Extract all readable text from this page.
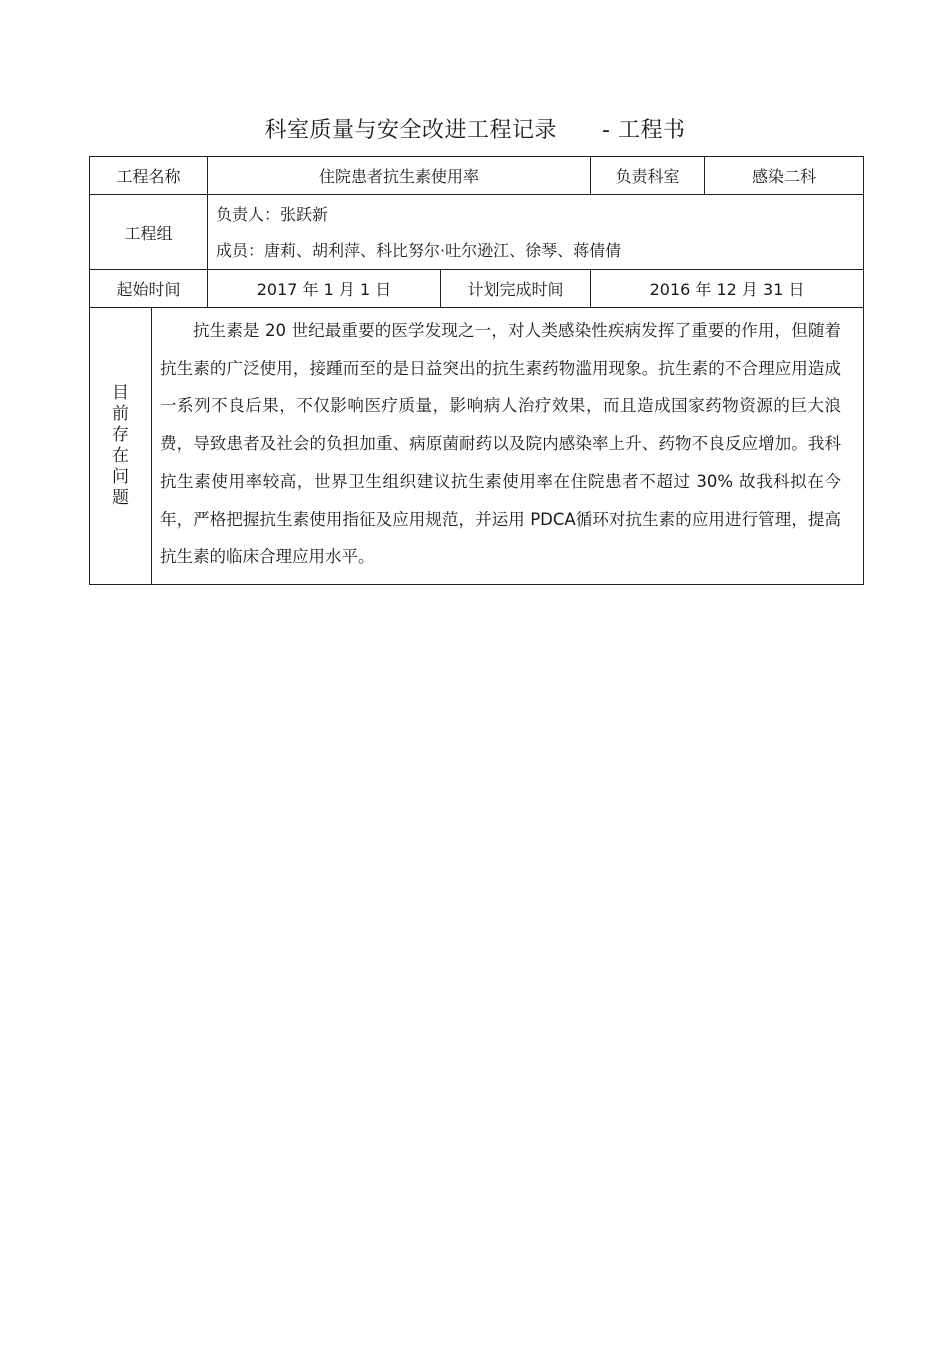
科室质量与安全改进工程记录      - 工程书
工程名称		住院患者抗生素使用率		负责科室	感染二科
工程组		负责人：张跃新
成员：唐莉、胡利萍、科比努尔·吐尔逊江、徐琴、蒋倩倩			

起始时间		2017 年 1 月 1 日	计划完成时间	2016 年 12 月 31 日	

目前存在问题	抗生素是 20 世纪最重要的医学发现之一，对人类感染性疾病发挥了重要的作用，但随着抗生素的广泛使用，接踵而至的是日益突出的抗生素药物滥用现象。抗生素的不合理应用造成一系列不良后果，不仅影响医疗质量，影响病人治疗效果，而且造成国家药物资源的巨大浪费，导致患者及社会的负担加重、病原菌耐药以及院内感染率上升、药物不良反应增加。我科抗生素使用率较高，世界卫生组织建议抗生素使用率在住院患者不超过 30% 故我科拟在今年，严格把握抗生素使用指征及应用规范，并运用 PDCA循环对抗生素的应用进行管理，提高抗生素的临床合理应用水平。				
